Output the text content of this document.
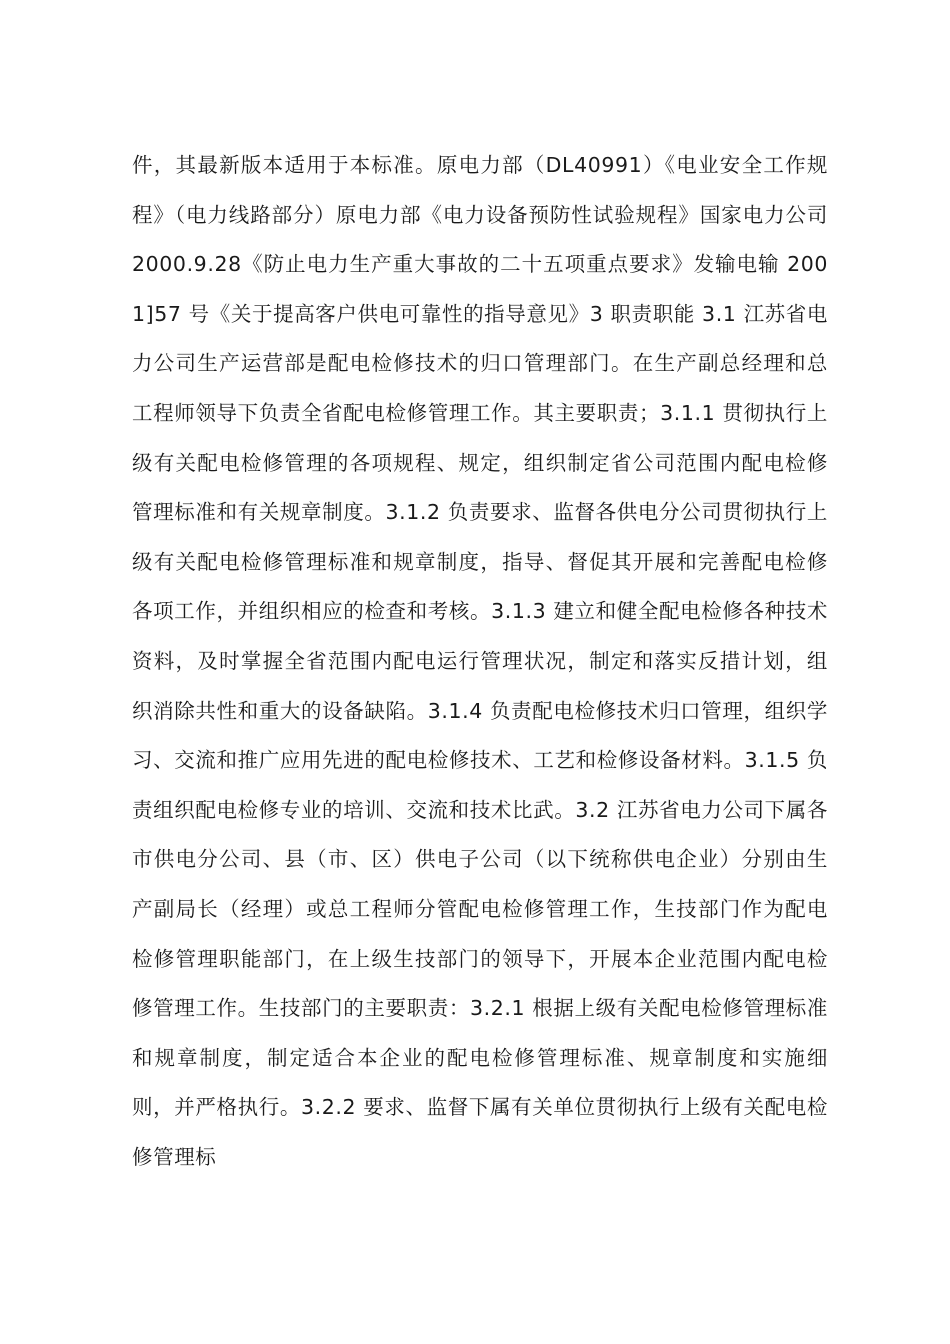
件，其最新版本适用于本标准。原电力部（DL40991）《电业安全工作规程》（电力线路部分）原电力部《电力设备预防性试验规程》国家电力公司 2000.9.28《防止电力生产重大事故的二十五项重点要求》发输电输 2001]57 号《关于提高客户供电可靠性的指导意见》3 职责职能 3.1 江苏省电力公司生产运营部是配电检修技术的归口管理部门。在生产副总经理和总工程师领导下负责全省配电检修管理工作。其主要职责；3.1.1 贯彻执行上级有关配电检修管理的各项规程、规定，组织制定省公司范围内配电检修管理标准和有关规章制度。3.1.2 负责要求、监督各供电分公司贯彻执行上级有关配电检修管理标准和规章制度，指导、督促其开展和完善配电检修各项工作，并组织相应的检查和考核。3.1.3 建立和健全配电检修各种技术资料，及时掌握全省范围内配电运行管理状况，制定和落实反措计划，组织消除共性和重大的设备缺陷。3.1.4 负责配电检修技术归口管理，组织学习、交流和推广应用先进的配电检修技术、工艺和检修设备材料。3.1.5 负责组织配电检修专业的培训、交流和技术比武。3.2 江苏省电力公司下属各市供电分公司、县（市、区）供电子公司（以下统称供电企业）分别由生产副局长（经理）或总工程师分管配电检修管理工作，生技部门作为配电检修管理职能部门，在上级生技部门的领导下，开展本企业范围内配电检修管理工作。生技部门的主要职责：3.2.1 根据上级有关配电检修管理标准和规章制度，制定适合本企业的配电检修管理标准、规章制度和实施细则，并严格执行。3.2.2 要求、监督下属有关单位贯彻执行上级有关配电检修管理标
